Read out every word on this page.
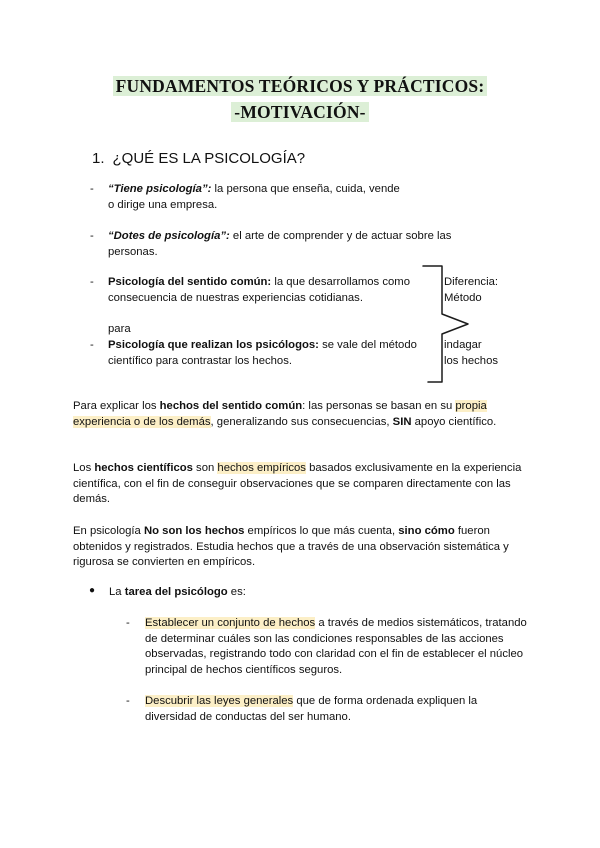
FUNDAMENTOS TEÓRICOS Y PRÁCTICOS:
-MOTIVACIÓN-
1. ¿QUÉ ES LA PSICOLOGÍA?
- “Tiene psicología”: la persona que enseña, cuida, vende o dirige una empresa.
- “Dotes de psicología”: el arte de comprender y de actuar sobre las personas.
- Psicología del sentido común: la que desarrollamos como consecuencia de nuestras experiencias cotidianas.
para
- Psicología que realizan los psicólogos: se vale del método científico para contrastar los hechos.
Diferencia:
Método
indagar
los hechos
Para explicar los hechos del sentido común: las personas se basan en su propia experiencia o de los demás, generalizando sus consecuencias, SIN apoyo científico.
Los hechos científicos son hechos empíricos basados exclusivamente en la experiencia científica, con el fin de conseguir observaciones que se comparen directamente con las demás.
En psicología No son los hechos empíricos lo que más cuenta, sino cómo fueron obtenidos y registrados. Estudia hechos que a través de una observación sistemática y rigurosa se convierten en empíricos.
● La tarea del psicólogo es:
- Establecer un conjunto de hechos a través de medios sistemáticos, tratando de determinar cuáles son las condiciones responsables de las acciones observadas, registrando todo con claridad con el fin de establecer el núcleo principal de hechos científicos seguros.
- Descubrir las leyes generales que de forma ordenada expliquen la diversidad de conductas del ser humano.
